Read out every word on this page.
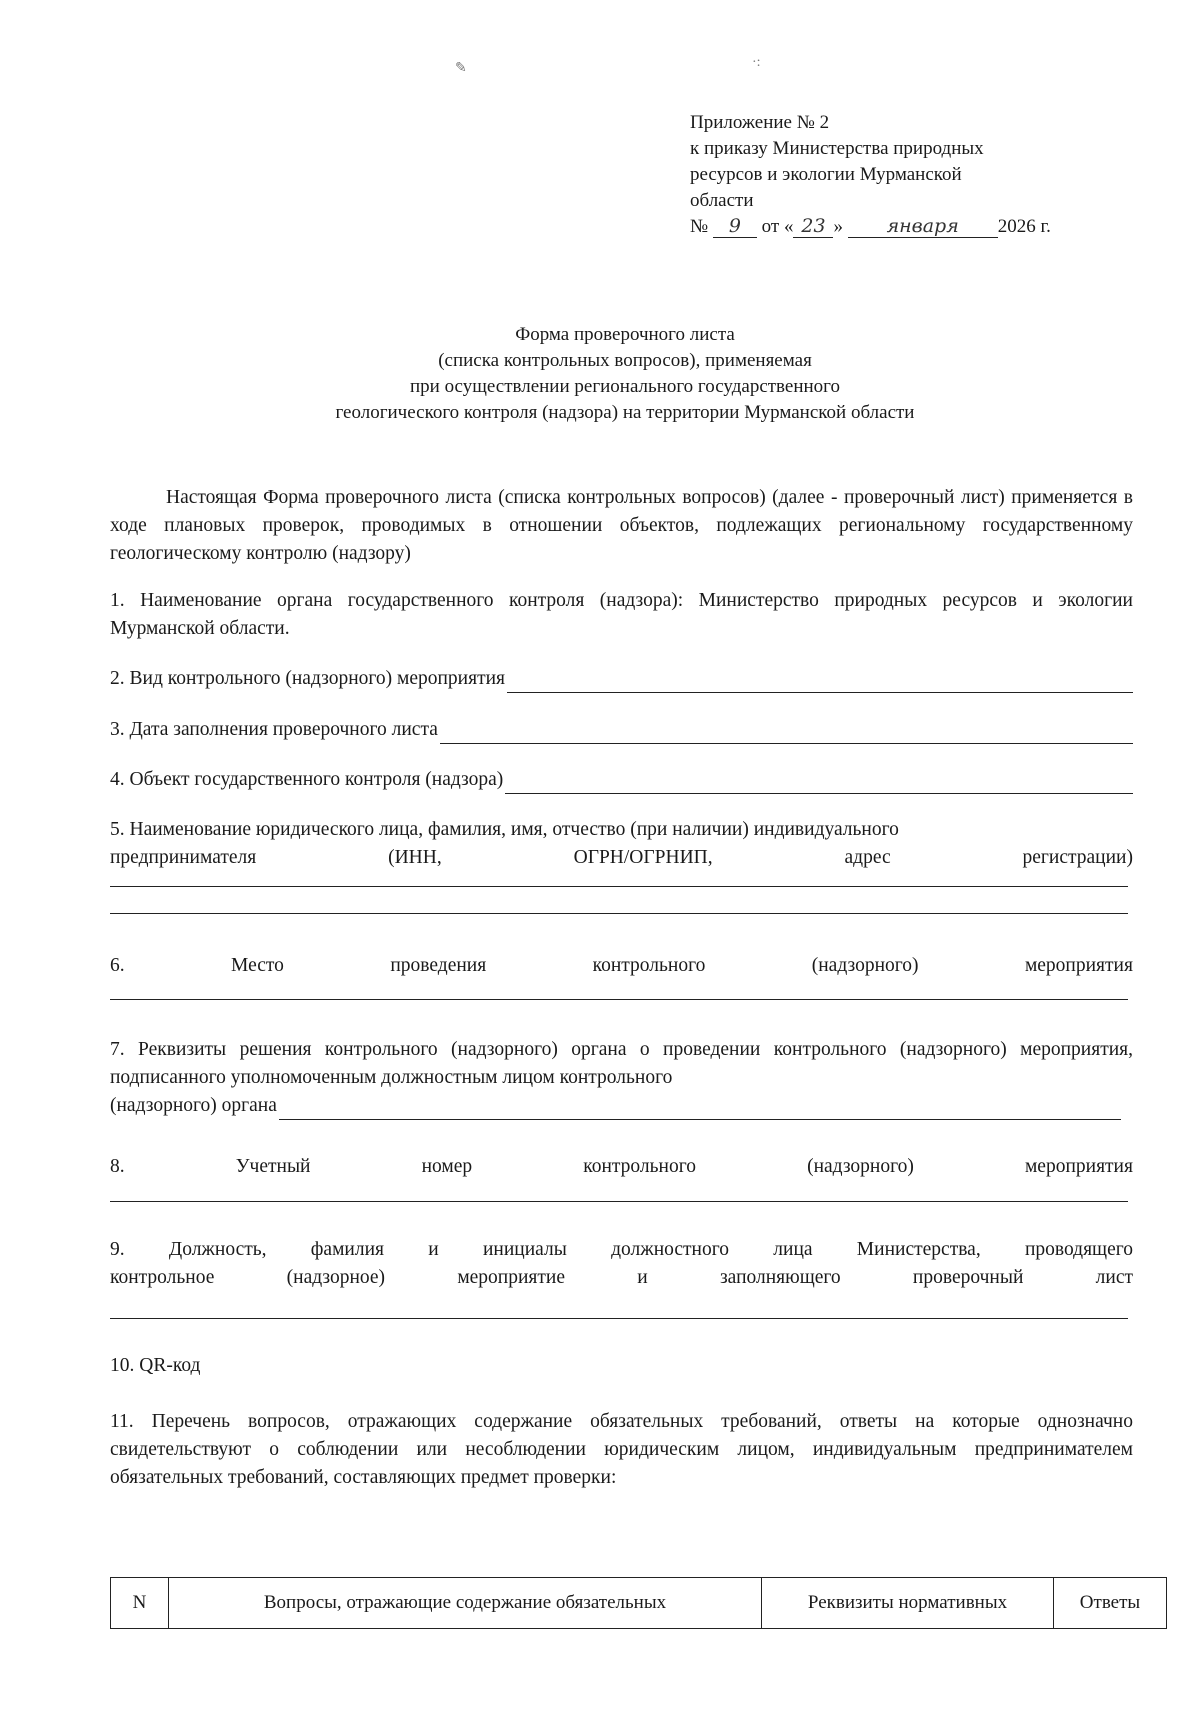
✎	·:
Приложение № 2
к приказу Министерства природных
ресурсов и экологии Мурманской
области
№ 9 от « 23 » января 2026 г.
Форма проверочного листа
(списка контрольных вопросов), применяемая
при осуществлении регионального государственного
геологического контроля (надзора) на территории Мурманской области
Настоящая Форма проверочного листа (списка контрольных вопросов) (далее - проверочный лист) применяется в ходе плановых проверок, проводимых в отношении объектов, подлежащих региональному государственному геологическому контролю (надзору)
1. Наименование органа государственного контроля (надзора): Министерство природных ресурсов и экологии Мурманской области.
2. Вид контрольного (надзорного) мероприятия
3. Дата заполнения проверочного листа
4. Объект государственного контроля (надзора)
5. Наименование юридического лица, фамилия, имя, отчество (при наличии) индивидуального
предпринимателя	(ИНН,	ОГРН/ОГРНИП,	адрес	регистрации)
6.	Место	проведения	контрольного	(надзорного)	мероприятия
7. Реквизиты решения контрольного (надзорного) органа о проведении контрольного (надзорного) мероприятия, подписанного уполномоченным должностным лицом контрольного
(надзорного) органа
8.	Учетный	номер	контрольного	(надзорного)	мероприятия
9. Должность, фамилия и инициалы должностного лица Министерства, проводящего
контрольное	(надзорное)	мероприятие	и	заполняющего	проверочный	лист
10. QR-код
11. Перечень вопросов, отражающих содержание обязательных требований, ответы на которые однозначно свидетельствуют о соблюдении или несоблюдении юридическим лицом, индивидуальным предпринимателем обязательных требований, составляющих предмет проверки:
N	Вопросы, отражающие содержание обязательных	Реквизиты нормативных	Ответы
